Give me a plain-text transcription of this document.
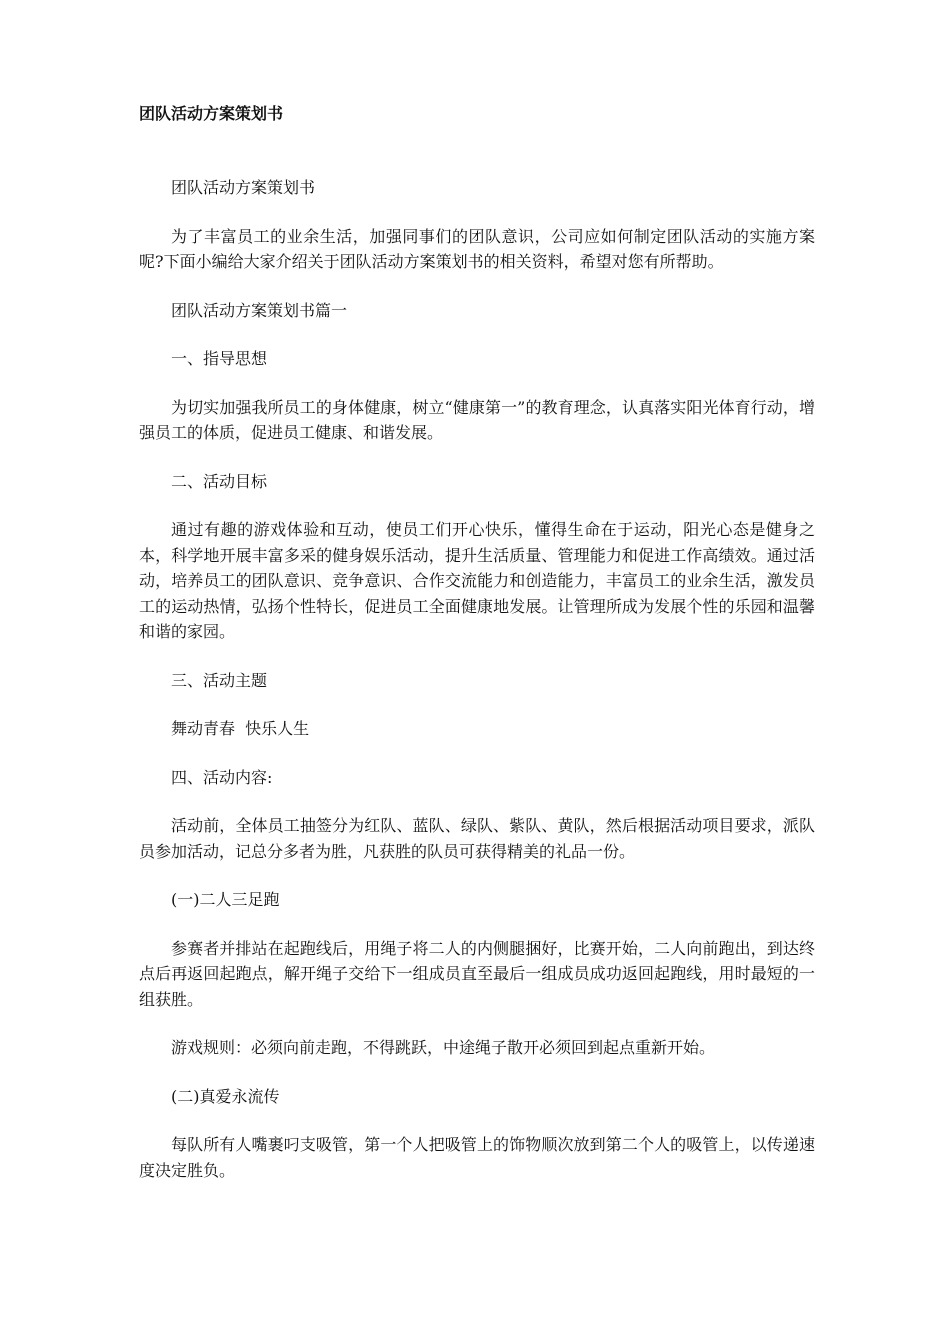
团队活动方案策划书

团队活动方案策划书

为了丰富员工的业余生活，加强同事们的团队意识，公司应如何制定团队活动的实施方案呢?下面小编给大家介绍关于团队活动方案策划书的相关资料，希望对您有所帮助。

团队活动方案策划书篇一

一、指导思想

为切实加强我所员工的身体健康，树立“健康第一”的教育理念，认真落实阳光体育行动，增强员工的体质，促进员工健康、和谐发展。

二、活动目标

通过有趣的游戏体验和互动，使员工们开心快乐，懂得生命在于运动，阳光心态是健身之本，科学地开展丰富多采的健身娱乐活动，提升生活质量、管理能力和促进工作高绩效。通过活动，培养员工的团队意识、竞争意识、合作交流能力和创造能力，丰富员工的业余生活，激发员工的运动热情，弘扬个性特长，促进员工全面健康地发展。让管理所成为发展个性的乐园和温馨和谐的家园。

三、活动主题

舞动青春  快乐人生

四、活动内容:

活动前，全体员工抽签分为红队、蓝队、绿队、紫队、黄队，然后根据活动项目要求，派队员参加活动，记总分多者为胜，凡获胜的队员可获得精美的礼品一份。

(一)二人三足跑

参赛者并排站在起跑线后，用绳子将二人的内侧腿捆好，比赛开始，二人向前跑出，到达终点后再返回起跑点，解开绳子交给下一组成员直至最后一组成员成功返回起跑线，用时最短的一组获胜。

游戏规则：必须向前走跑，不得跳跃，中途绳子散开必须回到起点重新开始。

(二)真爱永流传

每队所有人嘴裹叼支吸管，第一个人把吸管上的饰物顺次放到第二个人的吸管上，以传递速度决定胜负。
